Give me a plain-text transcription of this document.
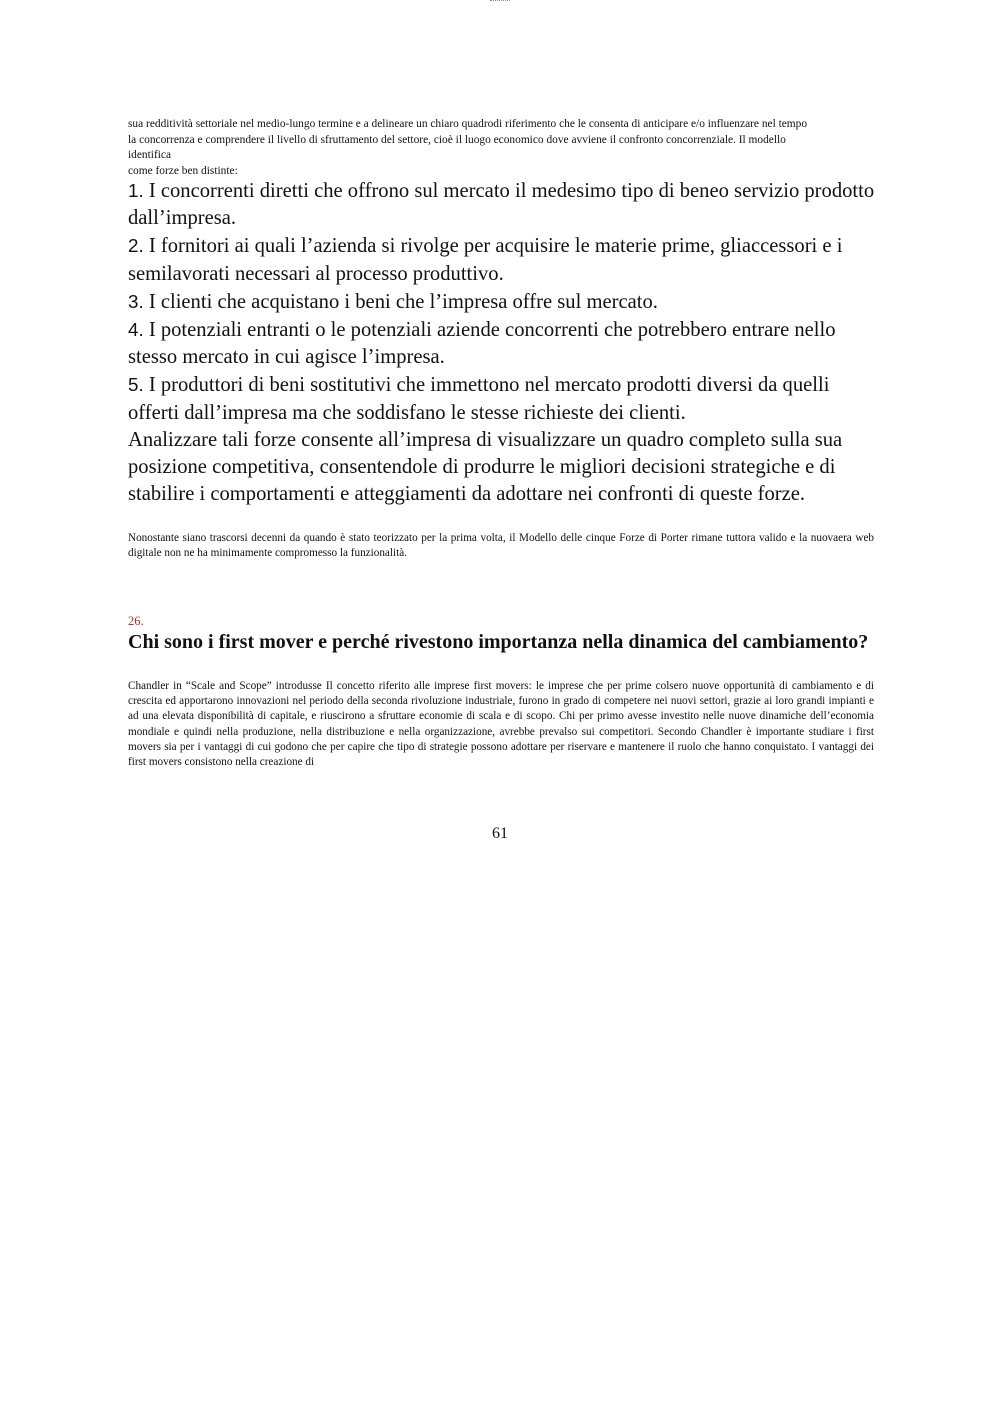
sua redditività settoriale nel medio-lungo termine e a delineare un chiaro quadrodi riferimento che le consenta di anticipare e/o influenzare nel tempo

la concorrenza e comprendere il livello di sfruttamento del settore, cioè il luogo economico dove avviene il confronto concorrenziale. Il modello

identifica

come forze ben distinte:

1. I concorrenti diretti che offrono sul mercato il medesimo tipo di beneo servizio prodotto dall’impresa.

2. I fornitori ai quali l’azienda si rivolge per acquisire le materie prime, gliaccessori e i semilavorati necessari al processo produttivo.

3. I clienti che acquistano i beni che l’impresa offre sul mercato.

4. I potenziali entranti o le potenziali aziende concorrenti che potrebbero entrare nello stesso mercato in cui agisce l’impresa.

5. I produttori di beni sostitutivi che immettono nel mercato prodotti diversi da quelli offerti dall’impresa ma che soddisfano le stesse richieste dei clienti.

Analizzare tali forze consente all’impresa di visualizzare un quadro completo sulla sua posizione competitiva, consentendole di produrre le migliori decisioni strategiche e di stabilire i comportamenti e atteggiamenti da adottare nei confronti di queste forze.

Nonostante siano trascorsi decenni da quando è stato teorizzato per la prima volta, il Modello delle cinque Forze di Porter rimane tuttora valido e la nuovaera web digitale non ne ha minimamente compromesso la funzionalità.

26.
Chi sono i first mover e perché rivestono importanza nella dinamica del cambiamento?

Chandler in “Scale and Scope” introdusse Il concetto riferito alle imprese first movers: le imprese che per prime colsero nuove opportunità di cambiamento e di crescita ed apportarono innovazioni nel periodo della seconda rivoluzione industriale, furono in grado di competere nei nuovi settori, grazie ai loro grandi impianti e ad una elevata disponibilità di capitale, e riuscirono a sfruttare economie di scala e di scopo. Chi per primo avesse investito nelle nuove dinamiche dell’economia mondiale e quindi nella produzione, nella distribuzione e nella organizzazione, avrebbe prevalso sui competitori. Secondo Chandler è importante studiare i first movers sia per i vantaggi di cui godono che per capire che tipo di strategie possono adottare per riservare e mantenere il ruolo che hanno conquistato. I vantaggi dei first movers consistono nella creazione di

61
